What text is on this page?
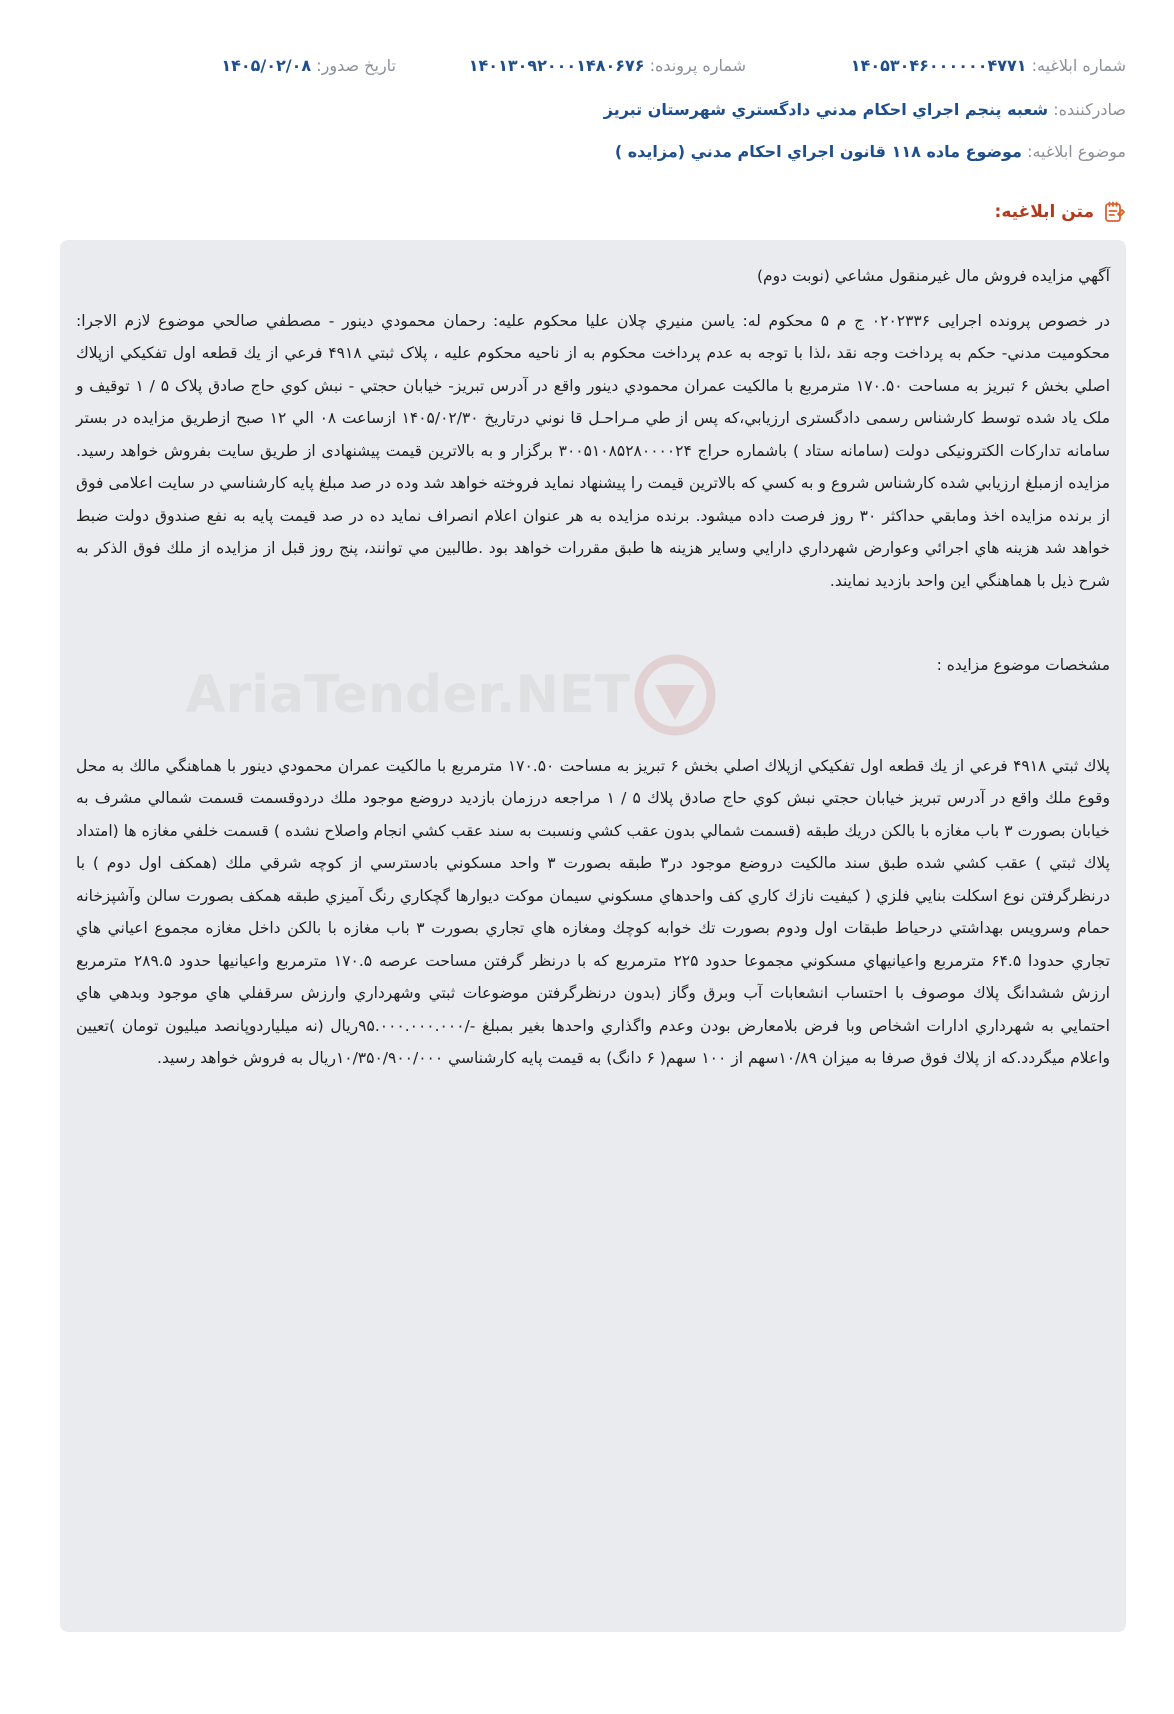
شماره ابلاغيه: ۱۴۰۵۳۰۴۶۰۰۰۰۰۰۴۷۷۱
شماره پرونده: ۱۴۰۱۳۰۹۲۰۰۰۱۴۸۰۶۷۶
تاريخ صدور: ۱۴۰۵/۰۲/۰۸
صادرکننده: شعبه پنجم اجراي احکام مدني دادگستري شهرستان تبريز
موضوع ابلاغيه: موضوع ماده ۱۱۸ قانون اجراي احکام مدني (مزايده )
متن ابلاغيه:
AriaTender.NET

آگهي مزايده فروش مال غيرمنقول مشاعي (نوبت دوم)

در خصوص پرونده اجرایی ۰۲۰۲۳۳۶ ج م ۵ محکوم له: یاسن منيري چلان عليا محکوم عليه: رحمان محمودي دينور - مصطفي صالحي موضوع لازم الاجرا: محکوميت مدني- حکم به پرداخت وجه نقد ،لذا با توجه به عدم پرداخت محکوم به از ناحيه محکوم عليه ، پلاک ثبتي ۴۹۱۸ فرعي از يك قطعه اول تفکيکي ازپلاك اصلي بخش ۶ تبريز به مساحت ۱۷۰.۵۰ مترمربع با مالکيت عمران محمودي دينور واقع در آدرس تبريز- خيابان حجتي - نبش كوي حاج صادق پلاک ۵ / ۱ توقيف و ملک ياد شده توسط کارشناس رسمی دادگستری ارزيابي،که پس از طي مـراحـل قا نوني درتاريخ ۱۴۰۵/۰۲/۳۰ ازساعت ۰۸ الي ۱۲ صبح ازطريق مزايده در بستر سامانه تدارکات الکترونيکی دولت (سامانه ستاد ) باشماره حراج ۳۰۰۵۱۰۸۵۲۸۰۰۰۰۲۴ برگزار و به بالاترين قيمت پيشنهادی از طريق سايت بفروش خواهد رسيد. مزايده ازمبلغ ارزيابي شده کارشناس شروع و به کسي که بالاترين قيمت را پيشنهاد نمايد فروخته خواهد شد وده در صد مبلغ پايه كارشناسي در سايت اعلامی فوق از برنده مزايده اخذ ومابقي حداكثر ۳۰ روز فرصت داده ميشود. برنده مزايده به هر عنوان اعلام انصراف نمايد ده در صد قيمت پايه به نفع صندوق دولت ضبط خواهد شد هزينه هاي اجرائي وعوارض شهرداري دارايي وساير هزينه ها طبق مقررات خواهد بود .طالبين مي توانند، پنج روز قبل از مزايده از ملك فوق الذكر به شرح ذيل با هماهنگي اين واحد بازديد نمايند.

مشخصات موضوع مزايده :

پلاك ثبتي ۴۹۱۸ فرعي از يك قطعه اول تفكيكي ازپلاك اصلي بخش ۶ تبريز به مساحت ۱۷۰.۵۰ مترمربع با مالكيت عمران محمودي دينور با هماهنگي مالك به محل وقوع ملك واقع در آدرس تبريز خيابان حجتي نبش كوي حاج صادق پلاك ۵ / ۱ مراجعه درزمان بازديد دروضع موجود ملك دردوقسمت قسمت شمالي مشرف به خيابان بصورت ۳ باب مغازه با بالكن دريك طبقه (قسمت شمالي بدون عقب كشي ونسبت به سند عقب كشي انجام واصلاح نشده ) قسمت خلفي مغازه ها (امتداد پلاك ثبتي ) عقب كشي شده طبق سند مالكيت دروضع موجود در۳ طبقه بصورت ۳ واحد مسكوني بادسترسي از كوچه شرقي ملك (همكف اول دوم ) با درنظرگرفتن نوع اسكلت بنايي فلزي ( كيفيت نازك كاري كف واحدهاي مسكوني سيمان موكت ديوارها گچكاري رنگ آميزي طبقه همكف بصورت سالن وآشپزخانه حمام وسرويس بهداشتي درحياط طبقات اول ودوم بصورت تك خوابه كوچك ومغازه هاي تجاري بصورت ۳ باب مغازه با بالكن داخل مغازه مجموع اعياني هاي تجاري حدودا ۶۴.۵ مترمربع واعيانيهاي مسكوني مجموعا حدود ۲۲۵ مترمربع كه با درنظر گرفتن مساحت عرصه ۱۷۰.۵ مترمربع واعيانيها حدود ۲۸۹.۵ مترمربع ارزش ششدانگ پلاك موصوف با احتساب انشعابات آب وبرق وگاز (بدون درنظرگرفتن موضوعات ثبتي وشهرداري وارزش سرقفلي هاي موجود وبدهي هاي احتمايي به شهرداري ادارات اشخاص وبا فرض بلامعارض بودن وعدم واگذاري واحدها بغير بمبلغ -/۹۵.۰۰۰.۰۰۰.۰۰۰ريال (نه ميلياردوپانصد ميليون تومان )تعيين واعلام ميگردد.كه از پلاك فوق صرفا به ميزان ۱۰/۸۹سهم از ۱۰۰ سهم( ۶ دانگ) به قيمت پايه كارشناسي ۱۰/۳۵۰/۹۰۰/۰۰۰ريال به فروش خواهد رسيد.
